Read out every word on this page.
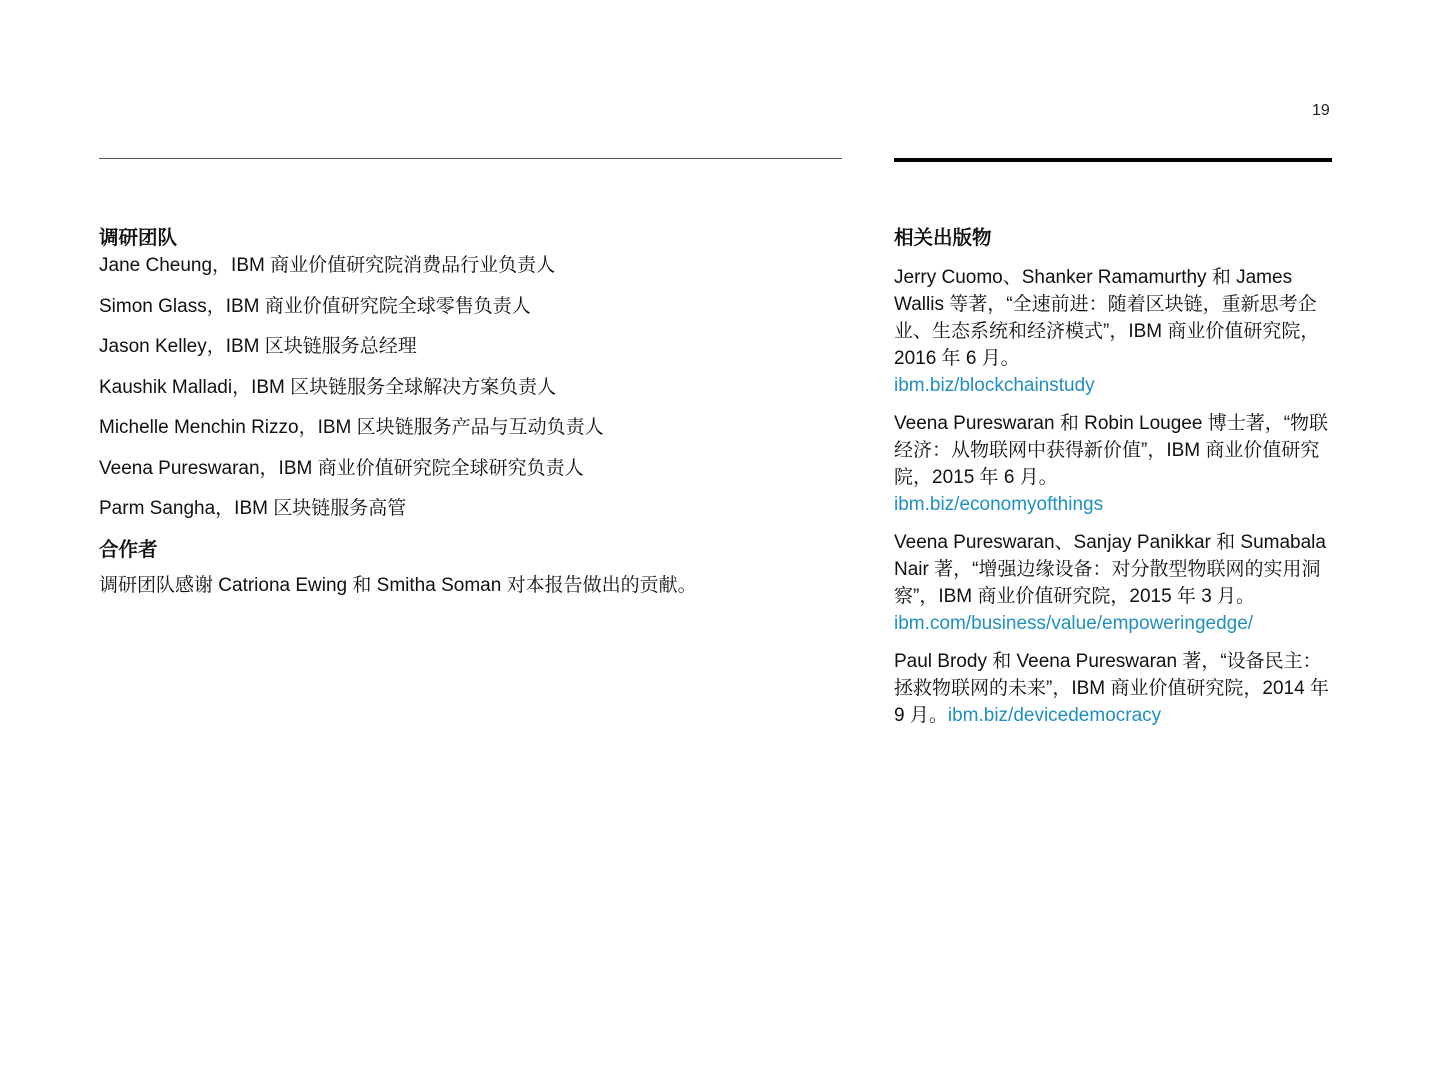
19
调研团队
Jane Cheung，IBM 商业价值研究院消费品行业负责人
Simon Glass，IBM 商业价值研究院全球零售负责人
Jason Kelley，IBM 区块链服务总经理
Kaushik Malladi，IBM 区块链服务全球解决方案负责人
Michelle Menchin Rizzo，IBM 区块链服务产品与互动负责人
Veena Pureswaran，IBM 商业价值研究院全球研究负责人
Parm Sangha，IBM 区块链服务高管
合作者
调研团队感谢 Catriona Ewing 和 Smitha Soman 对本报告做出的贡献。
相关出版物
Jerry Cuomo、Shanker Ramamurthy 和 James Wallis 等著，“全速前进：随着区块链，重新思考企业、生态系统和经济模式”，IBM 商业价值研究院，2016 年 6 月。
ibm.biz/blockchainstudy
Veena Pureswaran 和 Robin Lougee 博士著，“物联经济：从物联网中获得新价值”，IBM 商业价值研究院，2015 年 6 月。
ibm.biz/economyofthings
Veena Pureswaran、Sanjay Panikkar 和 Sumabala Nair 著，“增强边缘设备：对分散型物联网的实用洞察”，IBM 商业价值研究院，2015 年 3 月。
ibm.com/business/value/empoweringedge/
Paul Brody 和 Veena Pureswaran 著，“设备民主：拯救物联网的未来”，IBM 商业价值研究院，2014 年 9 月。ibm.biz/devicedemocracy
